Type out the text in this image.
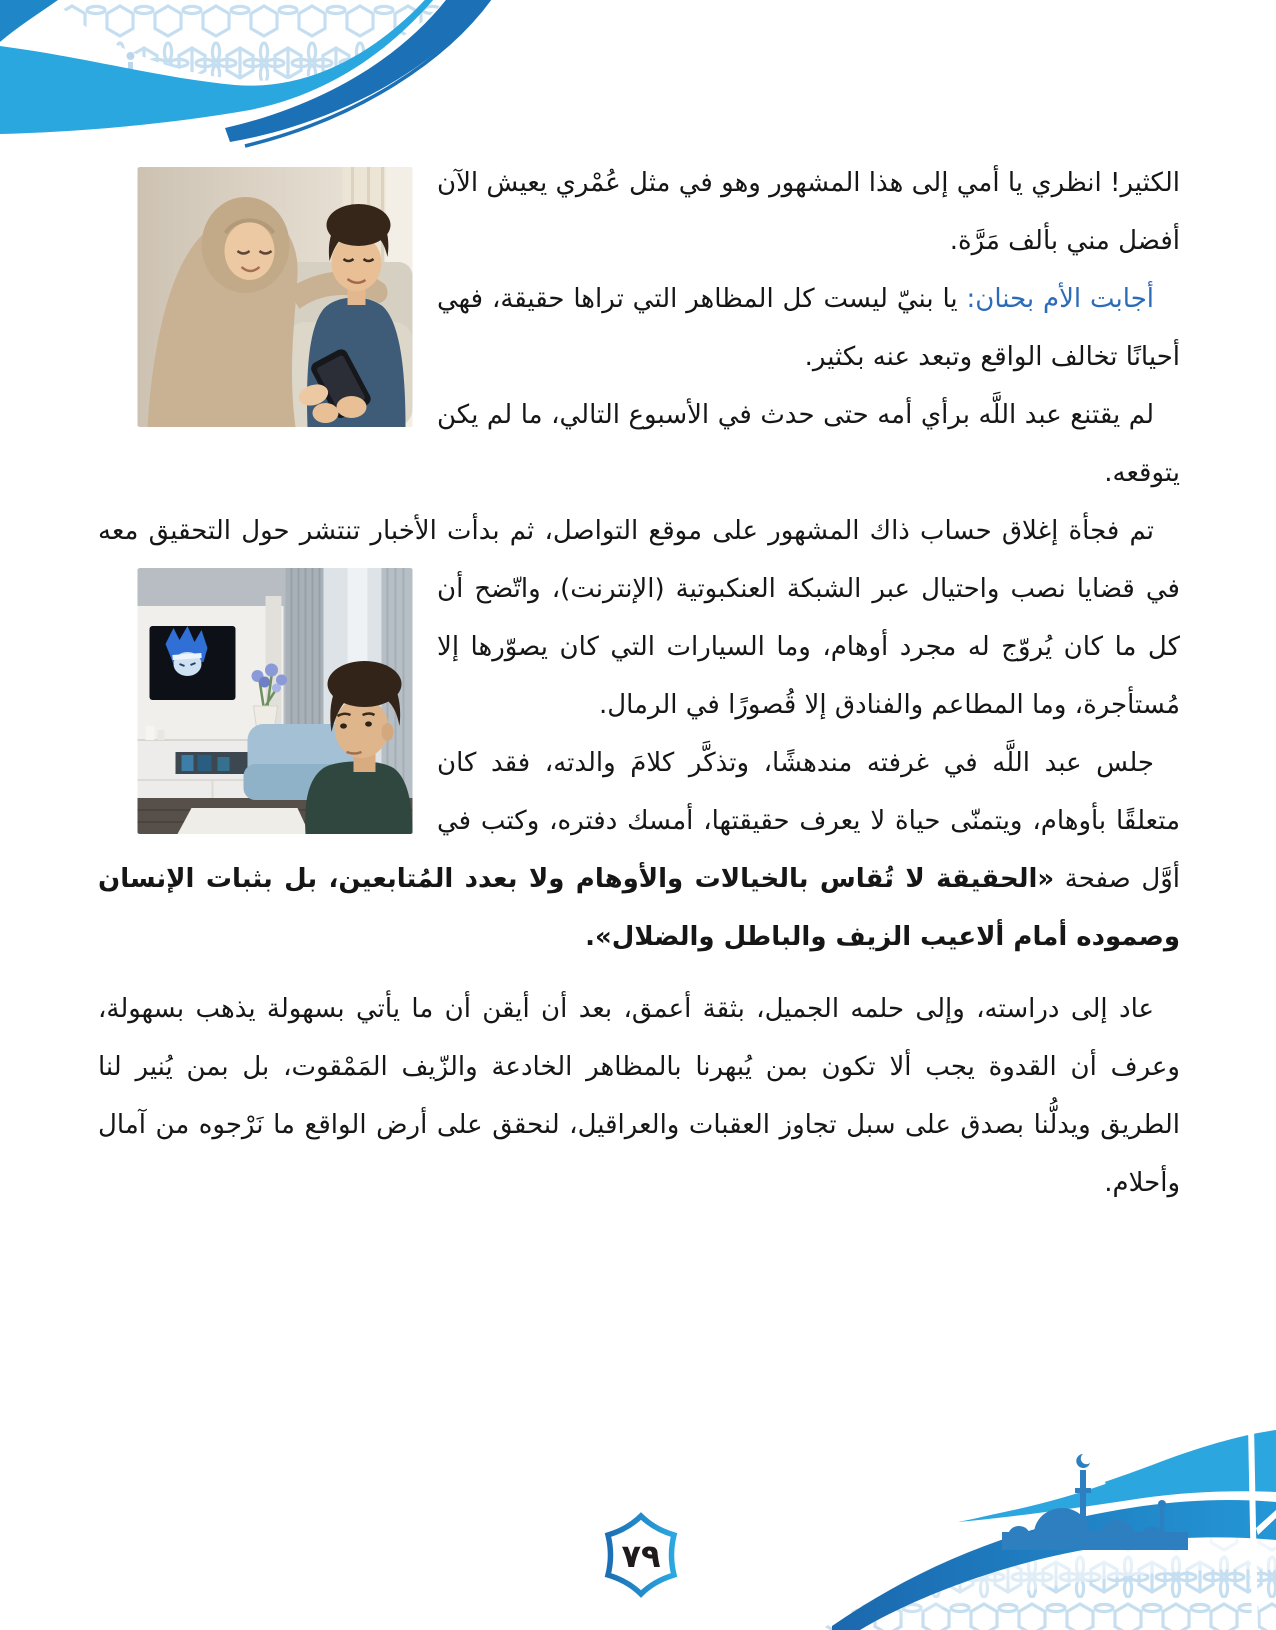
الكثير! انظري يا أمي إلى هذا المشهور وهو في مثل عُمْري يعيش الآن أفضل مني بألف مَرَّة.

أجابت الأم بحنان: يا بنيّ ليست كل المظاهر التي تراها حقيقة، فهي أحيانًا تخالف الواقع وتبعد عنه بكثير.

لم يقتنع عبد اللَّه برأي أمه حتى حدث في الأسبوع التالي، ما لم يكن يتوقعه.

تم فجأة إغلاق حساب ذاك المشهور على موقع التواصل، ثم بدأت الأخبار تنتشر حول
التحقيق معه في قضايا نصب واحتيال عبر الشبكة العنكبوتية (الإنترنت)، واتّضح أن كل ما كان يُروّج له مجرد أوهام، وما السيارات التي كان يصوّرها إلا مُستأجرة، وما المطاعم والفنادق إلا قُصورًا في الرمال.

جلس عبد اللَّه في غرفته مندهشًا، وتذكَّر كلامَ والدته، فقد كان متعلقًا بأوهام، ويتمنّى حياة لا يعرف حقيقتها، أمسك دفتره، وكتب في أوَّل صفحة «الحقيقة لا تُقاس بالخيالات والأوهام ولا بعدد المُتابعين، بل بثبات الإنسان وصموده أمام ألاعيب الزيف والباطل والضلال».

عاد إلى دراسته، وإلى حلمه الجميل، بثقة أعمق، بعد أن أيقن أن ما يأتي بسهولة يذهب بسهولة، وعرف أن القدوة يجب ألا تكون بمن يُبهرنا بالمظاهر الخادعة والزّيف المَمْقوت، بل بمن يُنير لنا الطريق ويدلُّنا بصدق على سبل تجاوز العقبات والعراقيل، لنحقق على أرض الواقع ما نَرْجوه من آمال وأحلام.

٧٩
